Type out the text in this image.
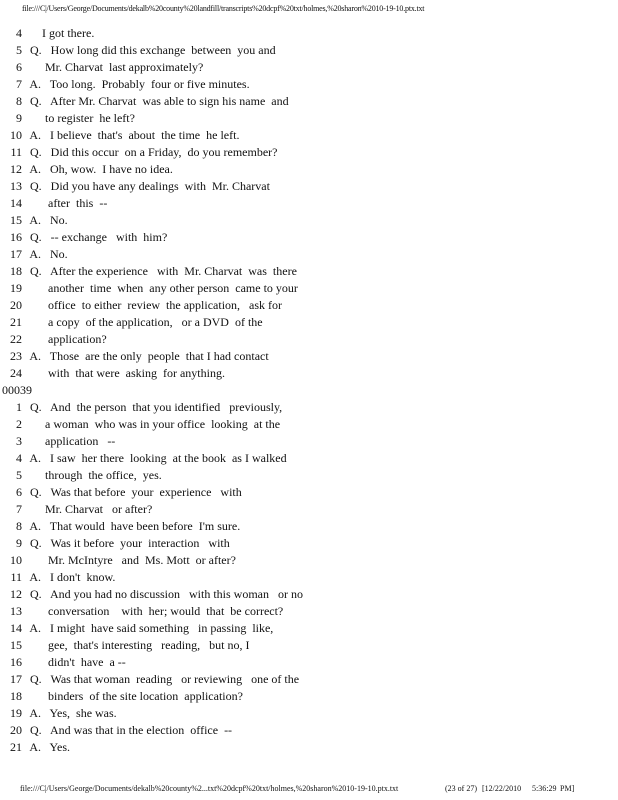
file:///C|/Users/George/Documents/dekalb%20county%20landfill/transcripts%20dcpf%20txt/holmes,%20sharon%2010-19-10.ptx.txt
4     I got there.
5 Q.   How long did this exchange  between  you and
6      Mr. Charvat  last approximately?
7 A.   Too long.  Probably  four or five minutes.
8 Q.   After Mr. Charvat  was able to sign his name  and
9      to register  he left?
10 A.   I believe  that's  about  the time  he left.
11 Q.   Did this occur  on a Friday,  do you remember?
12 A.   Oh, wow.  I have no idea.
13 Q.   Did you have any dealings  with  Mr. Charvat
14       after  this  --
15 A.   No.
16 Q.   -- exchange   with  him?
17 A.   No.
18 Q.   After the experience   with  Mr. Charvat  was  there
19       another  time  when  any other person  came to your
20       office  to either  review  the application,   ask for
21       a copy  of the application,   or a DVD  of the
22       application?
23 A.   Those  are the only  people  that I had contact
24       with  that were  asking  for anything.
00039
1 Q.   And  the person  that you identified   previously,
2      a woman  who was in your office  looking  at the
3      application   --
4 A.   I saw  her there  looking  at the book  as I walked
5      through  the office,  yes.
6 Q.   Was that before  your  experience   with
7      Mr. Charvat   or after?
8 A.   That would  have been before  I'm sure.
9 Q.   Was it before  your  interaction   with
10       Mr. McIntyre   and  Ms. Mott  or after?
11 A.   I don't  know.
12 Q.   And you had no discussion   with this woman   or no
13       conversation    with  her; would  that  be correct?
14 A.   I might  have said something   in passing  like,
15       gee,  that's interesting   reading,   but no, I
16       didn't  have  a --
17 Q.   Was that woman  reading   or reviewing   one of the
18       binders  of the site location  application?
19 A.   Yes,  she was.
20 Q.   And was that in the election  office  --
21 A.   Yes.
file:///C|/Users/George/Documents/dekalb%20county%2...txt%20dcpf%20txt/holmes,%20sharon%2010-19-10.ptx.txt	(23 of 27) [12/22/2010 5:36:29 PM]
